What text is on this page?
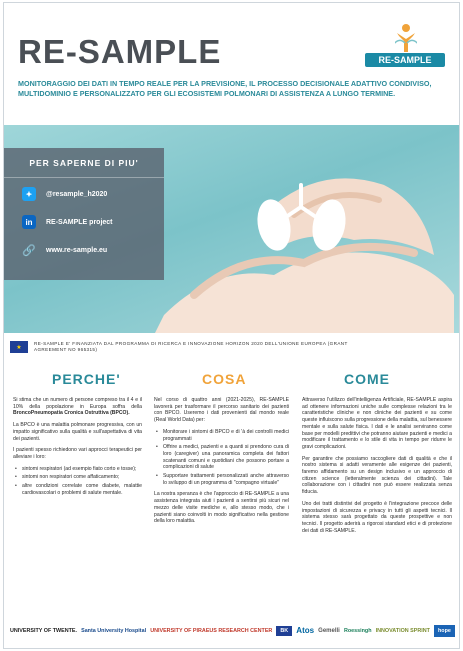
RE-SAMPLE
MONITORAGGIO DEI DATI IN TEMPO REALE PER LA PREVISIONE, IL PROCESSO DECISIONALE ADATTIVO CONDIVISO, MULTIDOMINIO E PERSONALIZZATO PER GLI ECOSISTEMI POLMONARI DI ASSISTENZA A LUNGO TERMINE.
RE-SAMPLE
PER SAPERNE DI PIU'
✦	@resample_h2020
in	RE-SAMPLE project
🔗 www.re-sample.eu
★
RE-SAMPLE E' FINANZIATA DAL PROGRAMMA DI RICERCA E INNOVAZIONE HORIZON 2020 DELL'UNIONE EUROPEA (GRANT AGREEMENT NO 965315)
PERCHE'	COSA	COME

Si stima che un numero di persone compreso tra il 4 e il 10% della popolazione in Europa soffra della BroncoPneumopatia Cronica Ostruttiva (BPCO).

La BPCO è una malattia polmonare progressiva, con un impatto significativo sulla qualità e sull'aspettativa di vita dei pazienti.

I pazienti spesso richiedono vari approcci terapeutici per alleviare i loro:

• sintomi respiratori (ad esempio fiato corto e tosse);
• sintomi non respiratori come affaticamento;
• altre condizioni correlate come diabete, malattie cardiovascolari o problemi di salute mentale.

Nel corso di quattro anni (2021-2025), RE-SAMPLE lavorerà per trasformare il percorso sanitario dei pazienti con BPCO. Useremo i dati provenienti dal mondo reale (Real World Data) per:

• Monitorare i sintomi di BPCO e di 'à dei controlli medici programmati
• Offrire a medici, pazienti e a quanti si prendono cura di loro (caregiver) una panoramica completa dei fattori scatenanti comuni e quotidiani che possono portare a complicazioni di salute
• Supportare trattamenti personalizzati anche attraverso lo sviluppo di un programma di "compagno virtuale"

La nostra speranza è che l'approccio di RE-SAMPLE a una assistenza integrata aiuti i pazienti a sentirsi più sicuri nel mezzo delle visite mediche e, allo stesso modo, che i pazienti siano coinvolti in modo significativo nella gestione della loro malattia.

Attraverso l'utilizzo dell'intelligenza Artificiale, RE-SAMPLE aspira ad ottenere informazioni uniche sulle complesse relazioni tra le caratteristiche cliniche e non cliniche dei pazienti e su come queste influiscono sulla progressione della malattia, sul benessere mentale e sulla salute fisica. I dati e le analisi serviranno come base per modelli predittivi che potranno aiutare pazienti e medici a modificare il trattamento e lo stile di vita in tempo per ridurre le gravi complicazioni.

Per garantire che possiamo raccogliere dati di qualità e che il nostro sistema si adatti veramente alle esigenze dei pazienti, faremo affidamento su un design inclusivo e un approccio di citizen science (letteralmente scienza dei cittadini). Tale collaborazione con i cittadini non può essere realizzata senza fiducia.

Uno dei tratti distintivi del progetto è l'integrazione precoce delle impostazioni di sicurezza e privacy in tutti gli aspetti tecnici. Il sistema stesso sarà progettato da queste prospettive e non tecnici. Il progetto aderirà a rigorosi standard etici e di protezione dei dati di RE-SAMPLE.

UNIVERSITY OF TWENTE. Santa University Hospital UNIVERSITY OF PIRAEUS RESEARCH CENTER	BK	Atos Gemelli Roessingh INNOVATION SPRINT	hope
